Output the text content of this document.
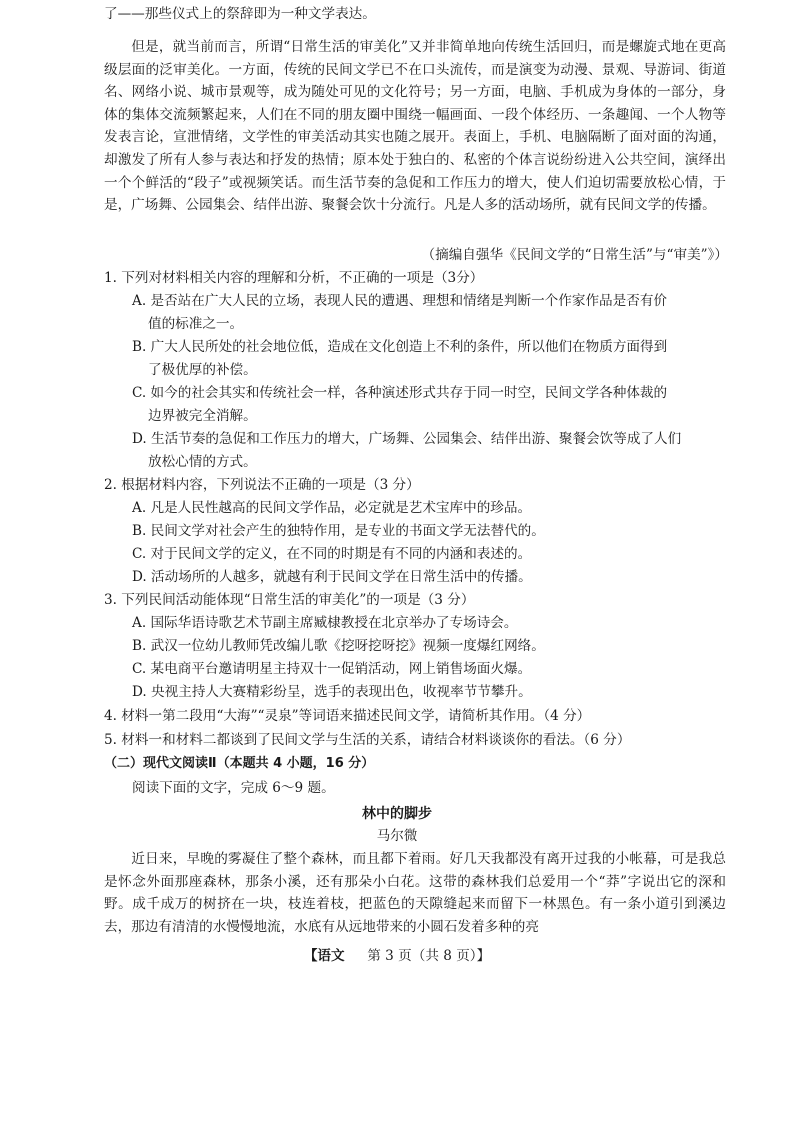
了——那些仪式上的祭辞即为一种文学表达。

但是，就当前而言，所谓“日常生活的审美化”又并非简单地向传统生活回归，而是螺旋式地在更高级层面的泛审美化。一方面，传统的民间文学已不在口头流传，而是演变为动漫、景观、导游词、街道名、网络小说、城市景观等，成为随处可见的文化符号；另一方面，电脑、手机成为身体的一部分，身体的集体交流频繁起来，人们在不同的朋友圈中围绕一幅画面、一段个体经历、一条趣闻、一个人物等发表言论，宣泄情绪，文学性的审美活动其实也随之展开。表面上，手机、电脑隔断了面对面的沟通，却激发了所有人参与表达和抒发的热情；原本处于独白的、私密的个体言说纷纷进入公共空间，演绎出一个个鲜活的“段子”或视频笑话。而生活节奏的急促和工作压力的增大，使人们迫切需要放松心情，于是，广场舞、公园集会、结伴出游、聚餐会饮十分流行。凡是人多的活动场所，就有民间文学的传播。

（摘编自强华《民间文学的“日常生活”与“审美”》）

1. 下列对材料相关内容的理解和分析，不正确的一项是（3分）

A. 是否站在广大人民的立场，表现人民的遭遇、理想和情绪是判断一个作家作品是否有价
值的标准之一。

B. 广大人民所处的社会地位低，造成在文化创造上不利的条件，所以他们在物质方面得到
了极优厚的补偿。

C. 如今的社会其实和传统社会一样，各种演述形式共存于同一时空，民间文学各种体裁的
边界被完全消解。

D. 生活节奏的急促和工作压力的增大，广场舞、公园集会、结伴出游、聚餐会饮等成了人们
放松心情的方式。

2. 根据材料内容，下列说法不正确的一项是（3 分）

A. 凡是人民性越高的民间文学作品，必定就是艺术宝库中的珍品。

B. 民间文学对社会产生的独特作用，是专业的书面文学无法替代的。

C. 对于民间文学的定义，在不同的时期是有不同的内涵和表述的。

D. 活动场所的人越多，就越有利于民间文学在日常生活中的传播。

3. 下列民间活动能体现“日常生活的审美化”的一项是（3 分）

A. 国际华语诗歌艺术节副主席臧棣教授在北京举办了专场诗会。

B. 武汉一位幼儿教师凭改编儿歌《挖呀挖呀挖》视频一度爆红网络。

C. 某电商平台邀请明星主持双十一促销活动，网上销售场面火爆。

D. 央视主持人大赛精彩纷呈，选手的表现出色，收视率节节攀升。

4. 材料一第二段用“大海”“灵泉”等词语来描述民间文学，请简析其作用。（4 分）

5. 材料一和材料二都谈到了民间文学与生活的关系，请结合材料谈谈你的看法。（6 分）

（二）现代文阅读Ⅱ（本题共 4 小题，16 分）

阅读下面的文字，完成 6～9 题。

林中的脚步

马尔微

近日来，早晚的雾凝住了整个森林，而且都下着雨。好几天我都没有离开过我的小帐幕，可是我总是怀念外面那座森林，那条小溪，还有那朵小白花。这带的森林我们总爱用一个“莽”字说出它的深和野。成千成万的树挤在一块，枝连着枝，把蓝色的天隙缝起来而留下一林黑色。有一条小道引到溪边去，那边有清清的水慢慢地流，水底有从远地带来的小圆石发着多种的亮

【语文 第 3 页（共 8 页）】
